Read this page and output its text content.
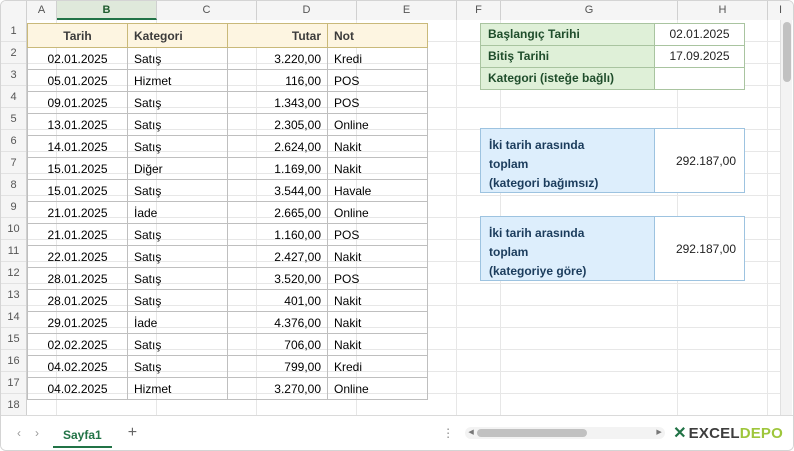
A	B	C	D	E	F	G	H	I
1
2
3
4
5
6
7
8
9
10
11
12
13
14
15
16
17
18
Tarih	Kategori	Tutar	Not
02.01.2025	Satış	3.220,00	Kredi
05.01.2025	Hizmet	116,00	POS
09.01.2025	Satış	1.343,00	POS
13.01.2025	Satış	2.305,00	Online
14.01.2025	Satış	2.624,00	Nakit
15.01.2025	Diğer	1.169,00	Nakit
15.01.2025	Satış	3.544,00	Havale
21.01.2025	İade	2.665,00	Online
21.01.2025	Satış	1.160,00	POS
22.01.2025	Satış	2.427,00	Nakit
28.01.2025	Satış	3.520,00	POS
28.01.2025	Satış	401,00	Nakit
29.01.2025	İade	4.376,00	Nakit
02.02.2025	Satış	706,00	Nakit
04.02.2025	Satış	799,00	Kredi
04.02.2025	Hizmet	3.270,00	Online
Başlangıç Tarihi	02.01.2025
Bitiş Tarihi	17.09.2025
Kategori (isteğe bağlı)
İki tarih arasında
toplam
(kategori bağımsız)
292.187,00
İki tarih arasında
toplam
(kategoriye göre)
292.187,00
‹ ›	Sayfa1	+	⋮	◀	▶ ✕ EXCEL DEPO
